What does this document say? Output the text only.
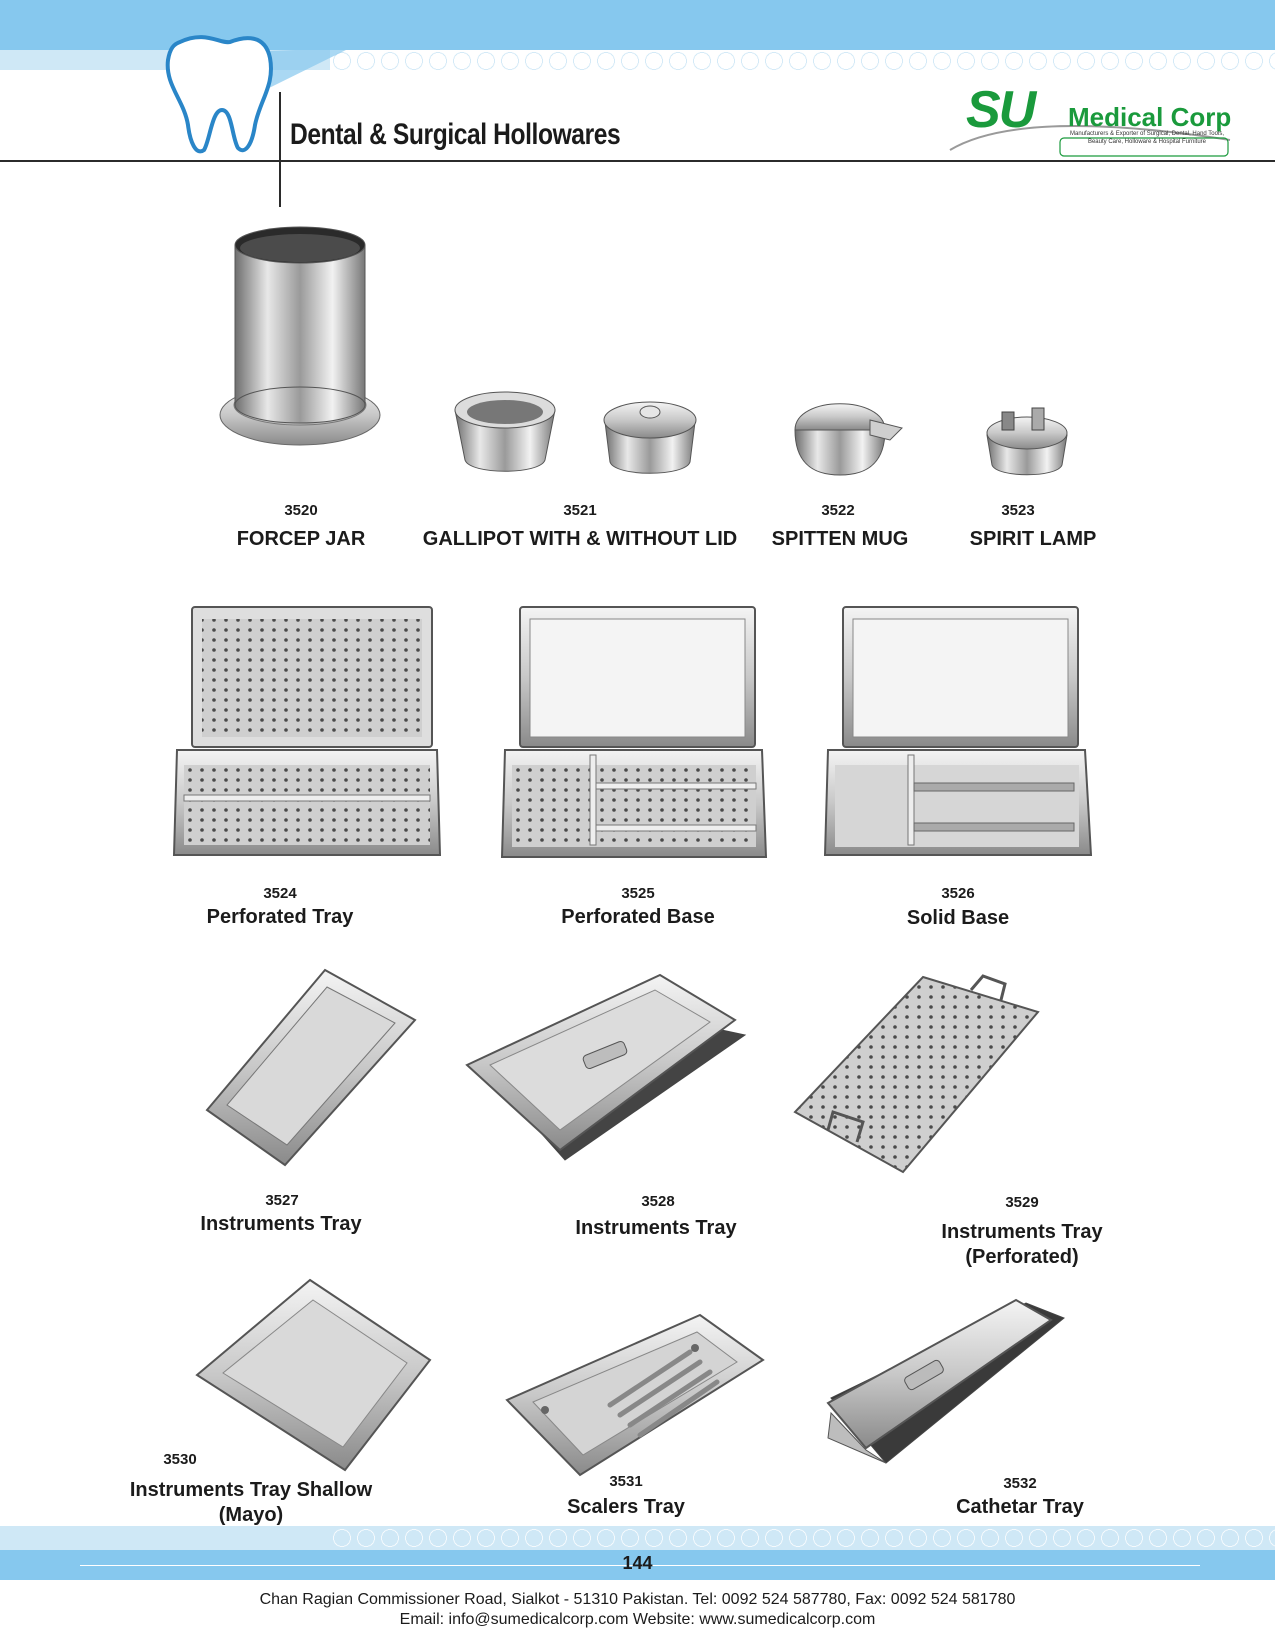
Dental & Surgical Hollowares	SU Medical Corp
Manufacturers & Exporter of Surgical, Dental, Hand Tools,
Beauty Care, Holloware & Hospital Furniture
3520
FORCEP JAR
3521
GALLIPOT WITH & WITHOUT LID
3522
SPITTEN MUG
3523
SPIRIT LAMP
3524
Perforated Tray
3525
Perforated Base
3526
Solid Base
3527
Instruments Tray
3528
Instruments Tray
3529
Instruments Tray
(Perforated)
3530
Instruments Tray Shallow
(Mayo)
3531
Scalers Tray
3532
Cathetar Tray
144
Chan Ragian Commissioner Road, Sialkot - 51310 Pakistan. Tel: 0092 524 587780, Fax: 0092 524 581780
Email: info@sumedicalcorp.com Website: www.sumedicalcorp.com
